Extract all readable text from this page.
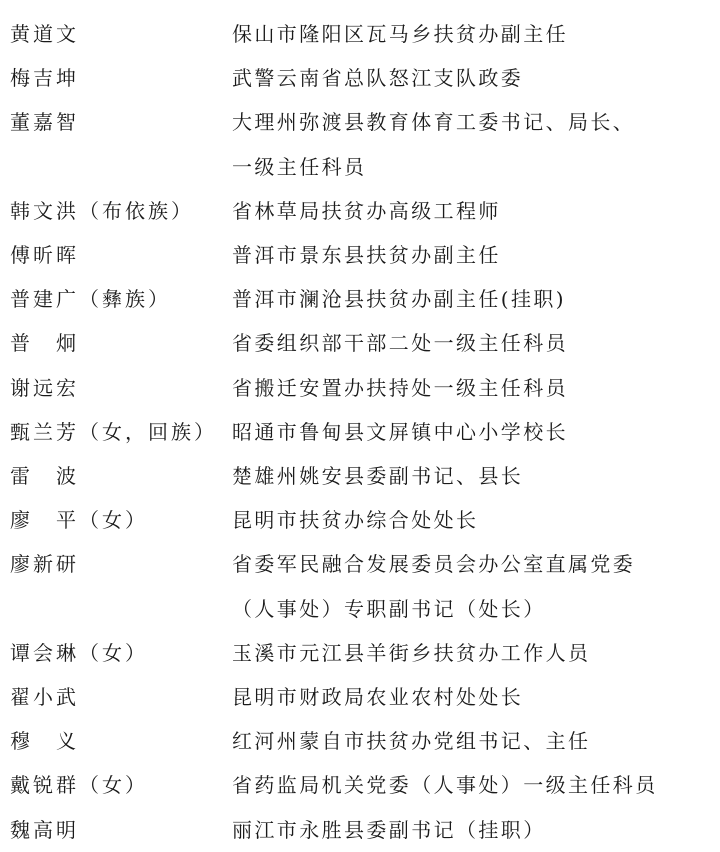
黄道文	保山市隆阳区瓦马乡扶贫办副主任
梅吉坤	武警云南省总队怒江支队政委
董嘉智	大理州弥渡县教育体育工委书记、局长、
一级主任科员
韩文洪（布依族）	省林草局扶贫办高级工程师
傅昕晖	普洱市景东县扶贫办副主任
普建广（彝族）	普洱市澜沧县扶贫办副主任(挂职)
普　炯	省委组织部干部二处一级主任科员
谢远宏	省搬迁安置办扶持处一级主任科员
甄兰芳（女，回族） 昭通市鲁甸县文屏镇中心小学校长
雷　波	楚雄州姚安县委副书记、县长
廖　平（女）	昆明市扶贫办综合处处长
廖新研	省委军民融合发展委员会办公室直属党委
（人事处）专职副书记（处长）
谭会琳（女）	玉溪市元江县羊街乡扶贫办工作人员
翟小武	昆明市财政局农业农村处处长
穆　义	红河州蒙自市扶贫办党组书记、主任
戴锐群（女）	省药监局机关党委（人事处）一级主任科员
魏高明	丽江市永胜县委副书记（挂职）
